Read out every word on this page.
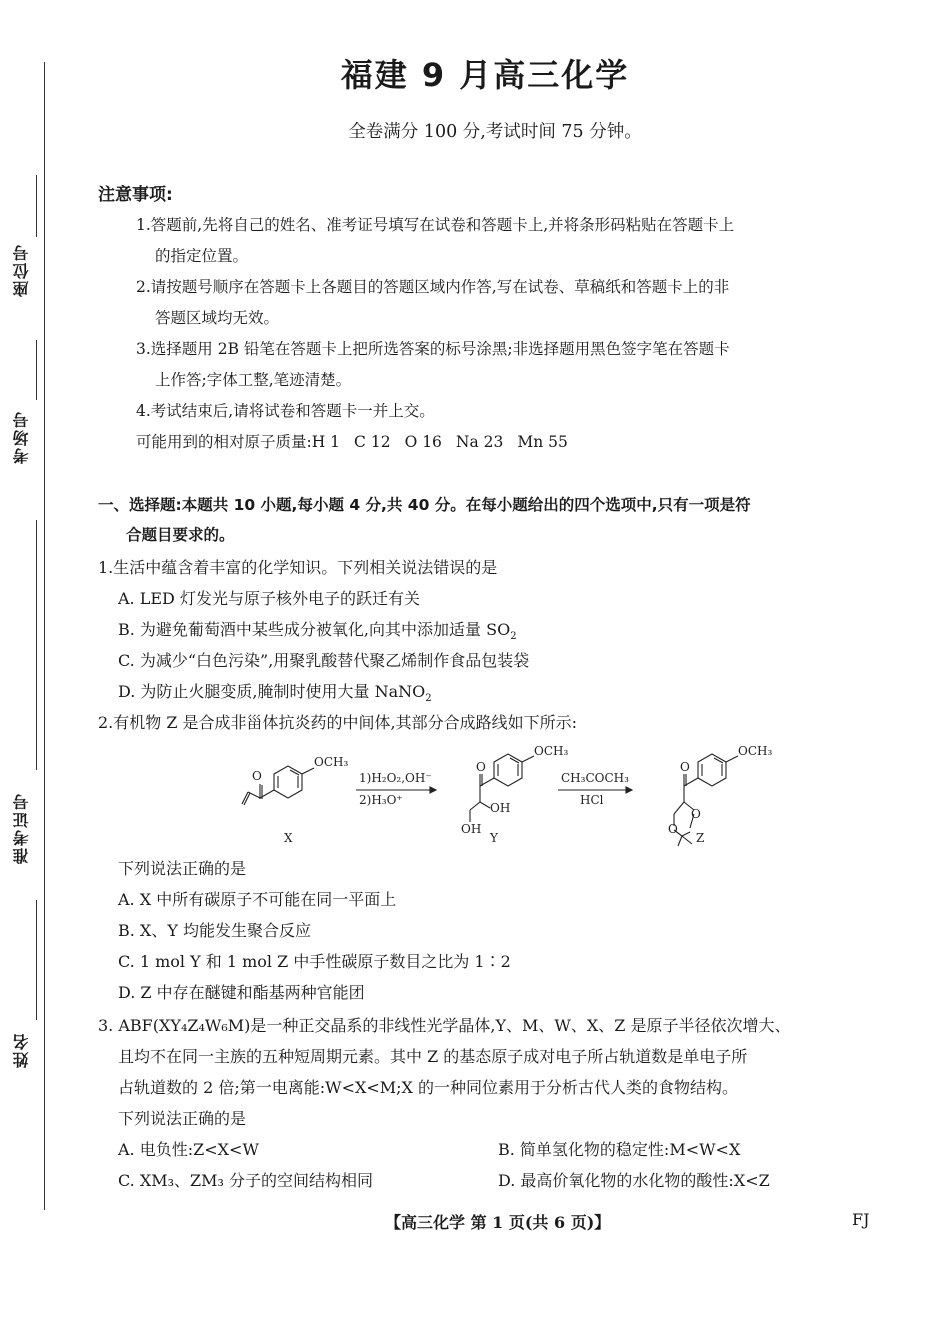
座位号
考场号
准考证号
姓名
福建 9 月高三化学
全卷满分 100 分,考试时间 75 分钟。
注意事项:
1.答题前,先将自己的姓名、准考证号填写在试卷和答题卡上,并将条形码粘贴在答题卡上
的指定位置。
2.请按题号顺序在答题卡上各题目的答题区域内作答,写在试卷、草稿纸和答题卡上的非
答题区域均无效。
3.选择题用 2B 铅笔在答题卡上把所选答案的标号涂黑;非选择题用黑色签字笔在答题卡
上作答;字体工整,笔迹清楚。
4.考试结束后,请将试卷和答题卡一并上交。
可能用到的相对原子质量:H 1 C 12 O 16 Na 23 Mn 55
一、选择题:本题共 10 小题,每小题 4 分,共 40 分。在每小题给出的四个选项中,只有一项是符
合题目要求的。
1.生活中蕴含着丰富的化学知识。下列相关说法错误的是
A. LED 灯发光与原子核外电子的跃迁有关
B. 为避免葡萄酒中某些成分被氧化,向其中添加适量 $SO_2$
C. 为减少“白色污染”,用聚乳酸替代聚乙烯制作食品包装袋
D. 为防止火腿变质,腌制时使用大量 NaNO$_2$
2.有机物 Z 是合成非甾体抗炎药的中间体,其部分合成路线如下所示:
OCH₃
O
OCH₃
O
OH
OH
OCH₃
O
O
O
1)H₂O₂,OH⁻
2)H₃O⁺
CH₃COCH₃
HCl
X	Y	Z
下列说法正确的是
A. X 中所有碳原子不可能在同一平面上
B. X、Y 均能发生聚合反应
C. 1 mol Y 和 1 mol Z 中手性碳原子数目之比为 1∶2
D. Z 中存在醚键和酯基两种官能团
3. ABF(XY₄Z₄W₆M)是一种正交晶系的非线性光学晶体,Y、M、W、X、Z 是原子半径依次增大、
且均不在同一主族的五种短周期元素。其中 Z 的基态原子成对电子所占轨道数是单电子所
占轨道数的 2 倍;第一电离能:W<X<M;X 的一种同位素用于分析古代人类的食物结构。
下列说法正确的是
A. 电负性:Z<X<W	B. 简单氢化物的稳定性:M<W<X
C. XM₃、ZM₃ 分子的空间结构相同	D. 最高价氧化物的水化物的酸性:X<Z
【高三化学 第 1 页(共 6 页)】	FJ
